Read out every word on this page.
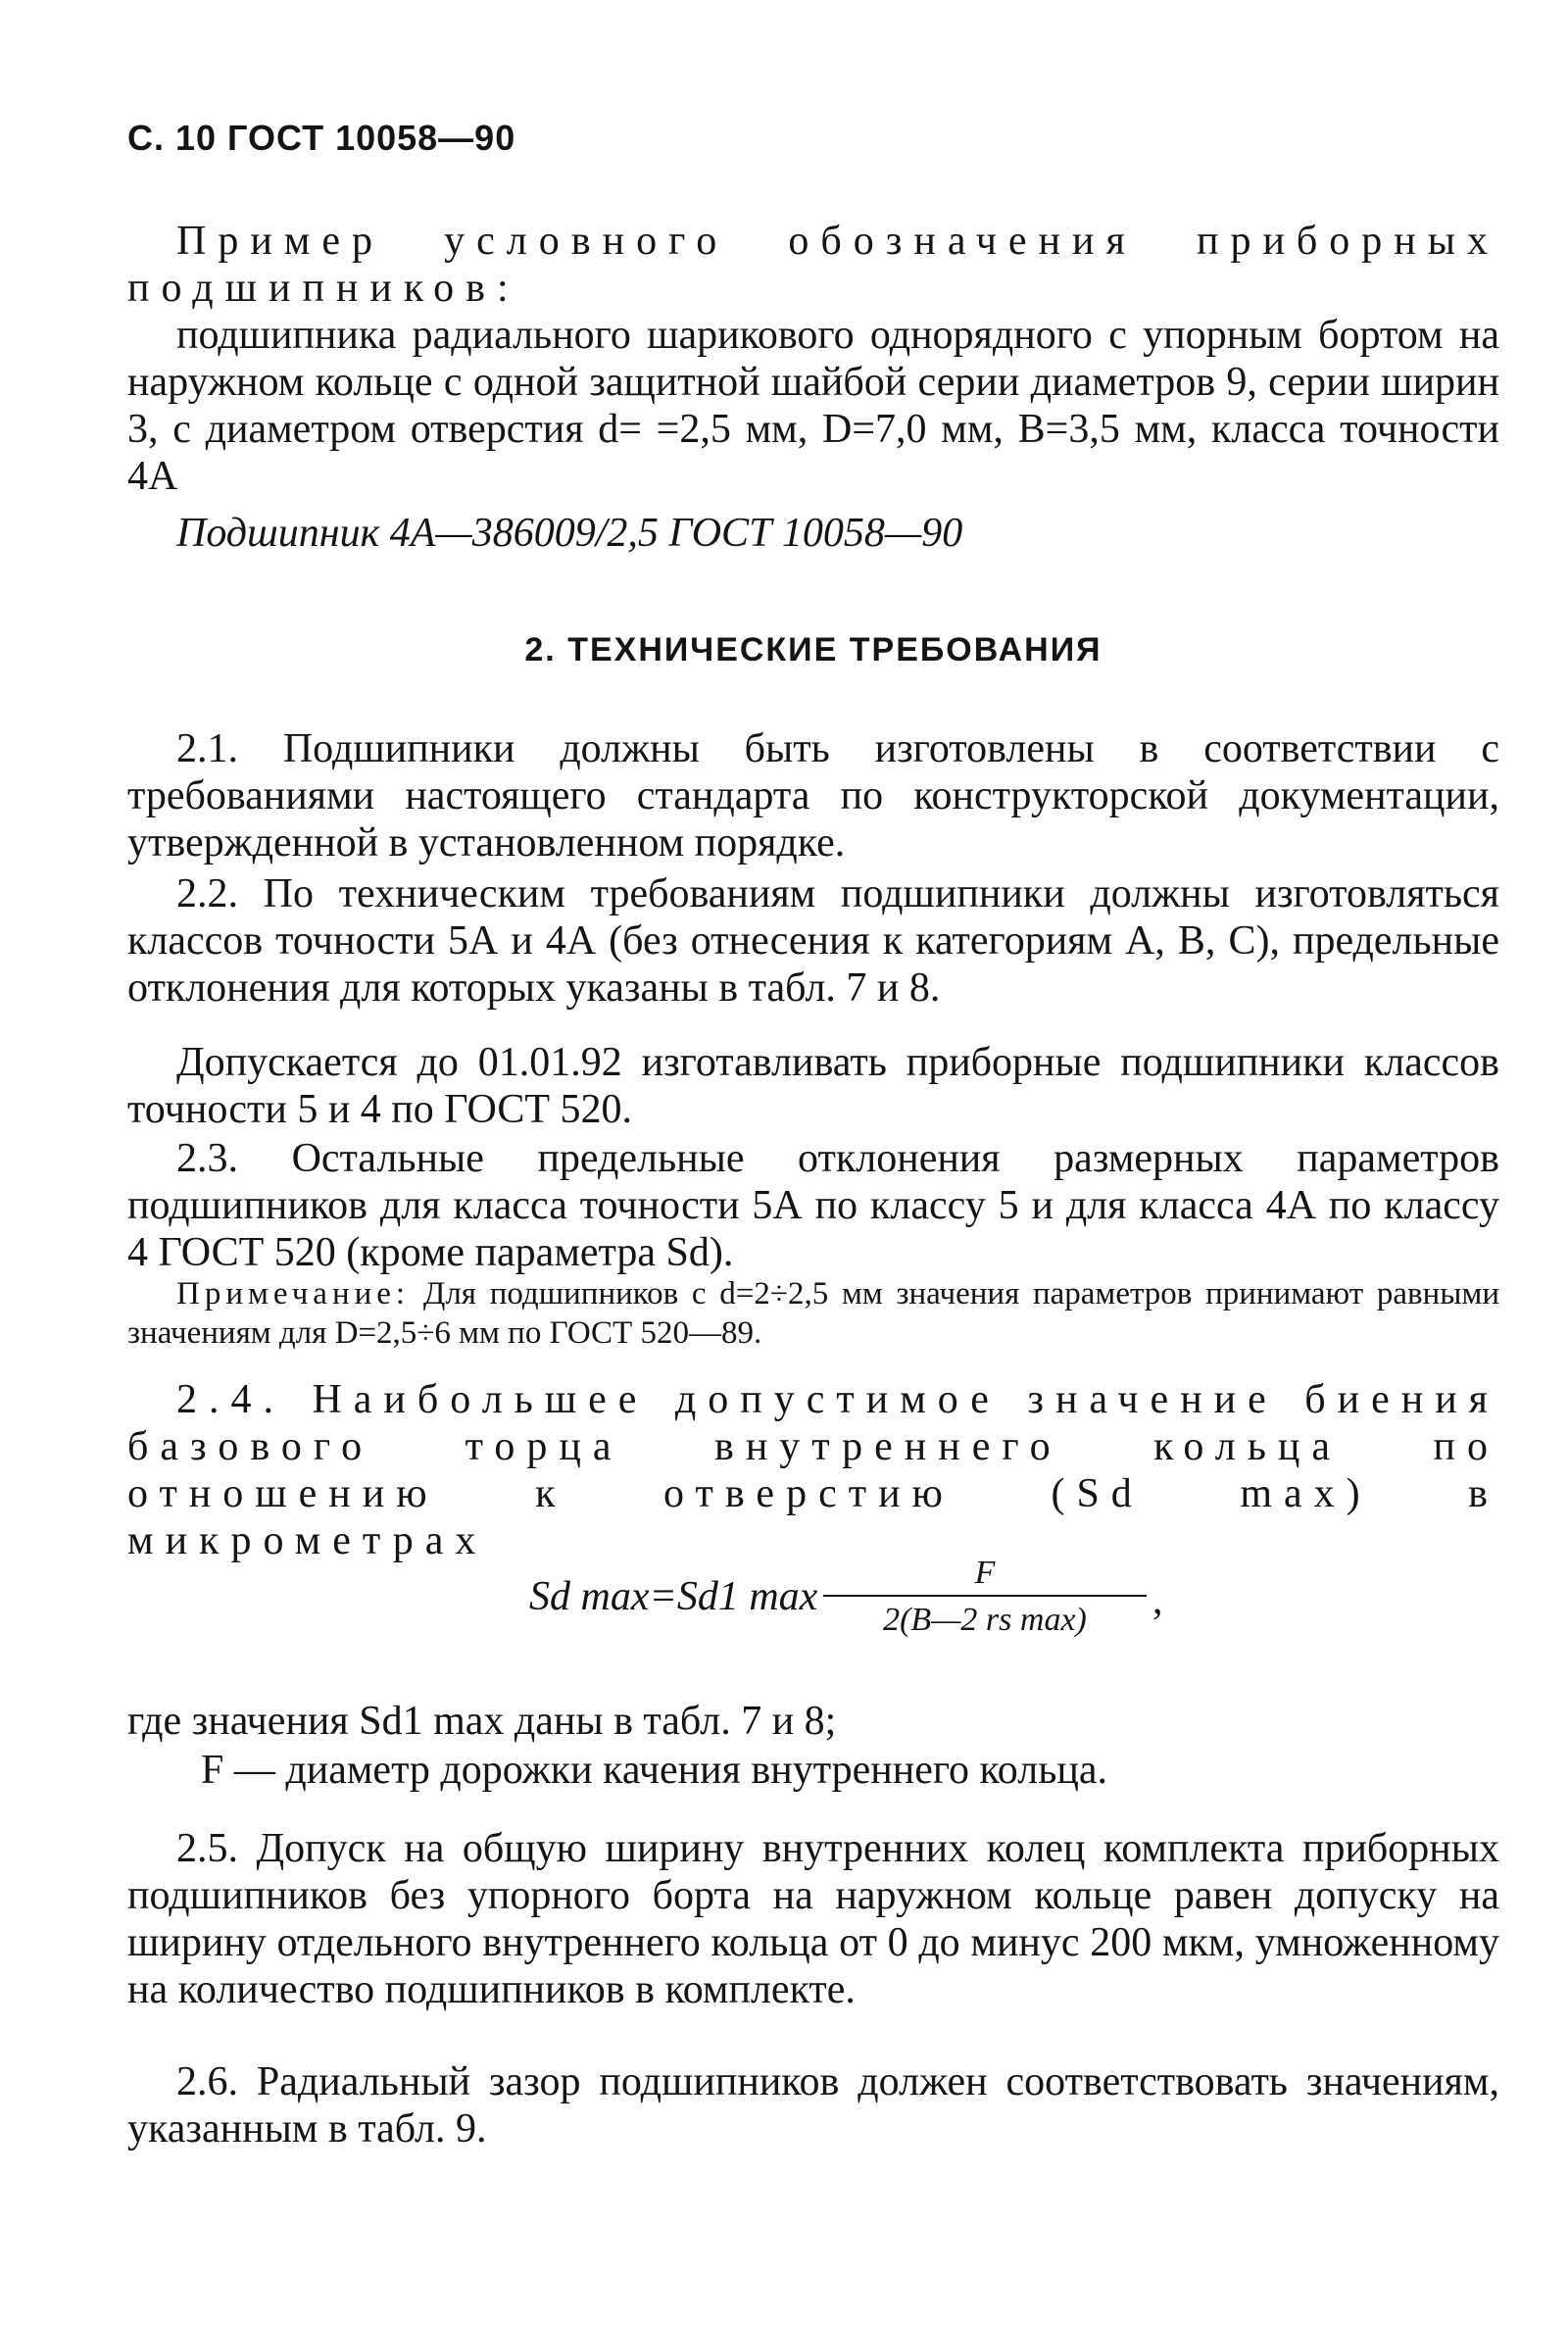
С. 10 ГОСТ 10058—90
Пример условного обозначения приборных подшипников:
подшипника радиального шарикового однорядного с упорным бортом на наружном кольце с одной защитной шайбой серии диаметров 9, серии ширин 3, с диаметром отверстия d= =2,5 мм, D=7,0 мм, B=3,5 мм, класса точности 4А
Подшипник 4А—386009/2,5 ГОСТ 10058—90
2. ТЕХНИЧЕСКИЕ ТРЕБОВАНИЯ
2.1. Подшипники должны быть изготовлены в соответствии с требованиями настоящего стандарта по конструкторской документации, утвержденной в установленном порядке.
2.2. По техническим требованиям подшипники должны изготовляться классов точности 5А и 4А (без отнесения к категориям А, В, С), предельные отклонения для которых указаны в табл. 7 и 8.
Допускается до 01.01.92 изготавливать приборные подшипники классов точности 5 и 4 по ГОСТ 520.
2.3. Остальные предельные отклонения размерных параметров подшипников для класса точности 5А по классу 5 и для класса 4А по классу 4 ГОСТ 520 (кроме параметра Sd).
Примечание: Для подшипников с d=2÷2,5 мм значения параметров принимают равными значениям для D=2,5÷6 мм по ГОСТ 520—89.
2.4. Наибольшее допустимое значение биения базового торца внутреннего кольца по отношению к отверстию (Sd max) в микрометрах
Sd max=Sd1 max
F
2(B—2 rs max)	,
где значения Sd1 max даны в табл. 7 и 8;
F — диаметр дорожки качения внутреннего кольца.
2.5. Допуск на общую ширину внутренних колец комплекта приборных подшипников без упорного борта на наружном кольце равен допуску на ширину отдельного внутреннего кольца от 0 до минус 200 мкм, умноженному на количество подшипников в комплекте.
2.6. Радиальный зазор подшипников должен соответствовать значениям, указанным в табл. 9.
